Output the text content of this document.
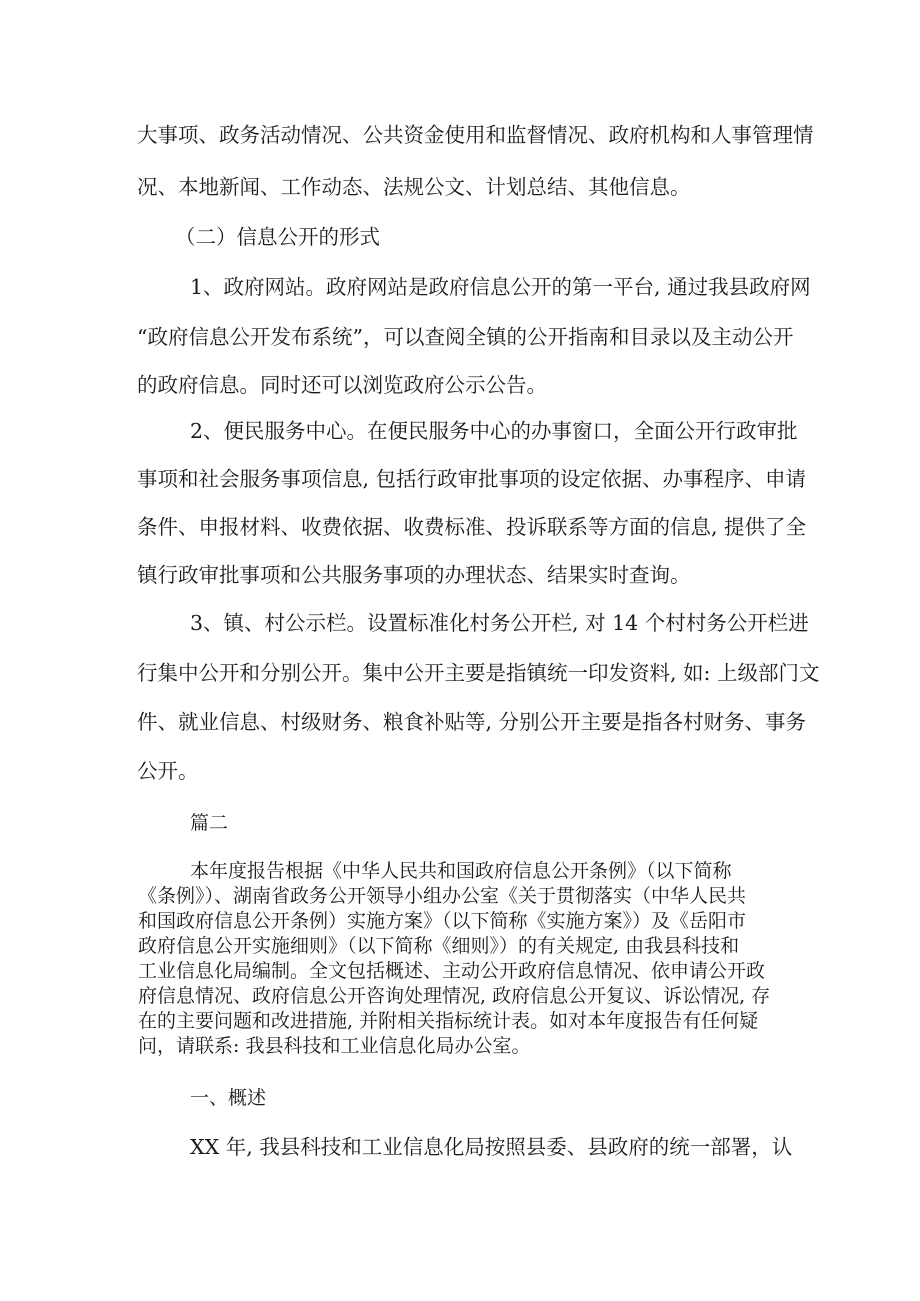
大事项、政务活动情况、公共资金使用和监督情况、政府机构和人事管理情

况、本地新闻、工作动态、法规公文、计划总结、其他信息。

（二）信息公开的形式

1、政府网站。政府网站是政府信息公开的第一平台, 通过我县政府网

“政府信息公开发布系统”，可以查阅全镇的公开指南和目录以及主动公开

的政府信息。同时还可以浏览政府公示公告。

2、便民服务中心。在便民服务中心的办事窗口，全面公开行政审批

事项和社会服务事项信息, 包括行政审批事项的设定依据、办事程序、申请

条件、申报材料、收费依据、收费标准、投诉联系等方面的信息, 提供了全

镇行政审批事项和公共服务事项的办理状态、结果实时查询。

3、镇、村公示栏。设置标准化村务公开栏, 对 14 个村村务公开栏进

行集中公开和分别公开。集中公开主要是指镇统一印发资料, 如: 上级部门文

件、就业信息、村级财务、粮食补贴等, 分别公开主要是指各村财务、事务

公开。

篇二

本年度报告根据《中华人民共和国政府信息公开条例》（以下简称

《条例》）、湖南省政务公开领导小组办公室《关于贯彻落实（中华人民共

和国政府信息公开条例）实施方案》（以下简称《实施方案》）及《岳阳市

政府信息公开实施细则》（以下简称《细则》）的有关规定, 由我县科技和

工业信息化局编制。全文包括概述、主动公开政府信息情况、依申请公开政

府信息情况、政府信息公开咨询处理情况, 政府信息公开复议、诉讼情况, 存

在的主要问题和改进措施, 并附相关指标统计表。如对本年度报告有任何疑

问，请联系: 我县科技和工业信息化局办公室。

一、概述

XX 年, 我县科技和工业信息化局按照县委、县政府的统一部署，认
